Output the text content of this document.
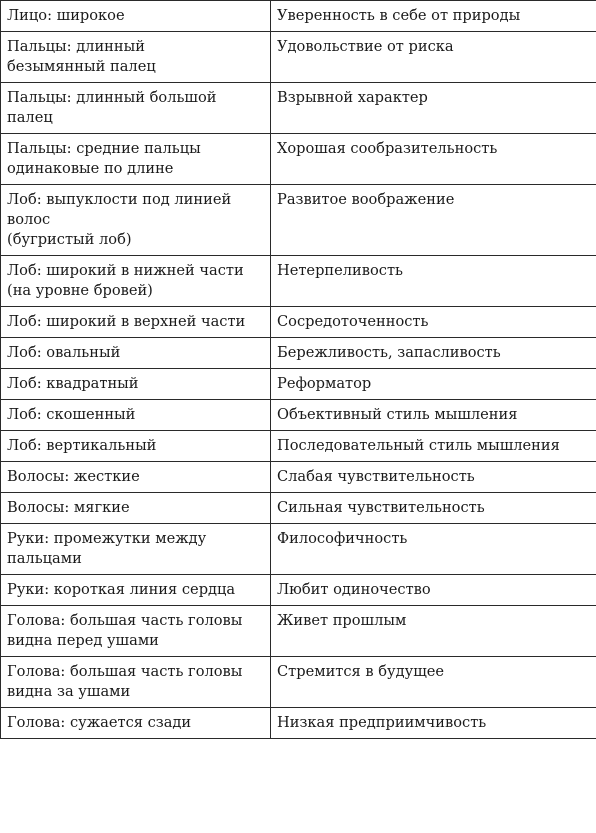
Лицо: широкое	Уверенность в себе от природы
Пальцы: длинный
безымянный палец	Удовольствие от риска
Пальцы: длинный большой
палец	Взрывной характер
Пальцы: средние пальцы
одинаковые по длине	Хорошая сообразительность
Лоб: выпуклости под линией
волос
(бугристый лоб)	Развитое воображение
Лоб: широкий в нижней части
(на уровне бровей)	Нетерпеливость
Лоб: широкий в верхней части	Сосредоточенность
Лоб: овальный	Бережливость, запасливость
Лоб: квадратный	Реформатор
Лоб: скошенный	Объективный стиль мышления
Лоб: вертикальный	Последовательный стиль мышления
Волосы: жесткие	Слабая чувствительность
Волосы: мягкие	Сильная чувствительность
Руки: промежутки между
пальцами	Философичность
Руки: короткая линия сердца	Любит одиночество
Голова: большая часть головы
видна перед ушами	Живет прошлым
Голова: большая часть головы
видна за ушами	Стремится в будущее
Голова: сужается сзади	Низкая предприимчивость
